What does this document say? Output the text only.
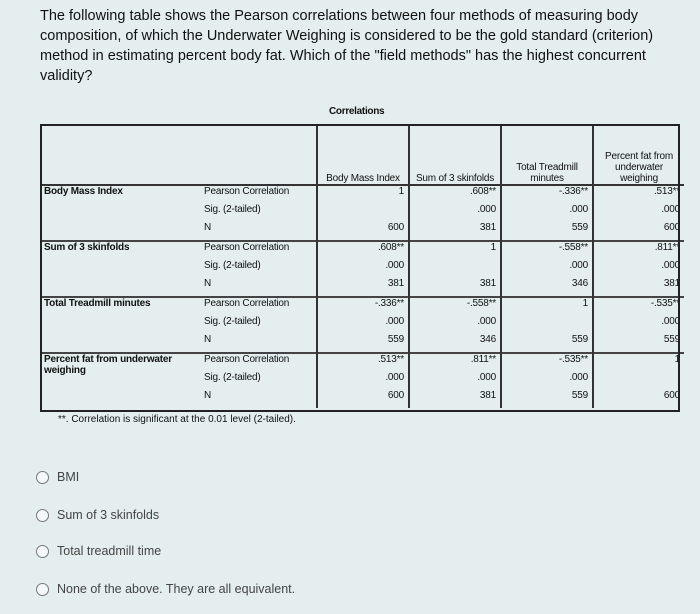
The following table shows the Pearson correlations between four methods of measuring body composition, of which the Underwater Weighing is considered to be the gold standard (criterion) method in estimating percent body fat. Which of the "field methods" has the highest concurrent validity?
Correlations
		Body Mass Index	Sum of 3 skinfolds	Total Treadmill minutes	Percent fat from underwater weighing
Body Mass Index	Pearson Correlation	1	.608**	-.336**	.513**
	Sig. (2-tailed)		.000	.000	.000
	N	600	381	559	600
Sum of 3 skinfolds	Pearson Correlation	.608**	1	-.558**	.811**
	Sig. (2-tailed)	.000		.000	.000
	N	381	381	346	381
Total Treadmill minutes	Pearson Correlation	-.336**	-.558**	1	-.535**
	Sig. (2-tailed)	.000	.000		.000
	N	559	346	559	559
Percent fat from underwater weighing	Pearson Correlation	.513**	.811**	-.535**	1
	Sig. (2-tailed)	.000	.000	.000	
	N	600	381	559	600
**. Correlation is significant at the 0.01 level (2-tailed).
BMI
Sum of 3 skinfolds
Total treadmill time
None of the above. They are all equivalent.
